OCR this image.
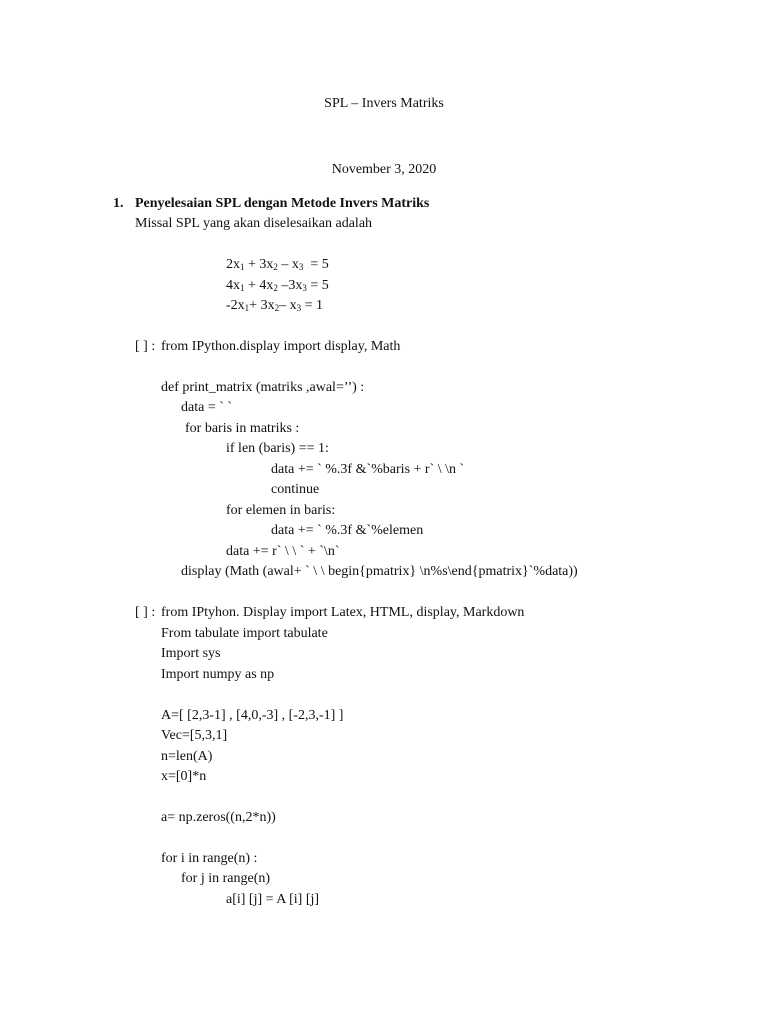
SPL – Invers Matriks
November 3, 2020
1. Penyelesaian SPL dengan Metode Invers Matriks
Missal SPL yang akan diselesaikan adalah
$2x_1 + 3x_2 - x_3 = 5$
$4x_1 + 4x_2$ $-3x_3 = 5$
$-2x_1+ 3x_2-$ $x_3 = 1$
[ ] : from IPython.display import display, Math
def print_matrix (matriks ,awal=’’) :
data = ` `
for baris in matriks :
if len (baris) == 1:
data += ` %.3f &`%baris + r` \ \n `
continue
for elemen in baris:
data += ` %.3f &`%elemen
data += r` \ \ ` + `\n`
display (Math (awal+ ` \ \ begin{pmatrix} \n%s\end{pmatrix}`%data))
[ ] : from IPtyhon. Display import Latex, HTML, display, Markdown
From tabulate import tabulate
Import sys
Import numpy as np
A=[ [2,3-1] , [4,0,-3] , [-2,3,-1] ]
Vec=[5,3,1]
n=len(A)
x=[0]*n
a= np.zeros((n,2*n))
for i in range(n) :
for j in range(n)
a[i] [j] = A [i] [j]
